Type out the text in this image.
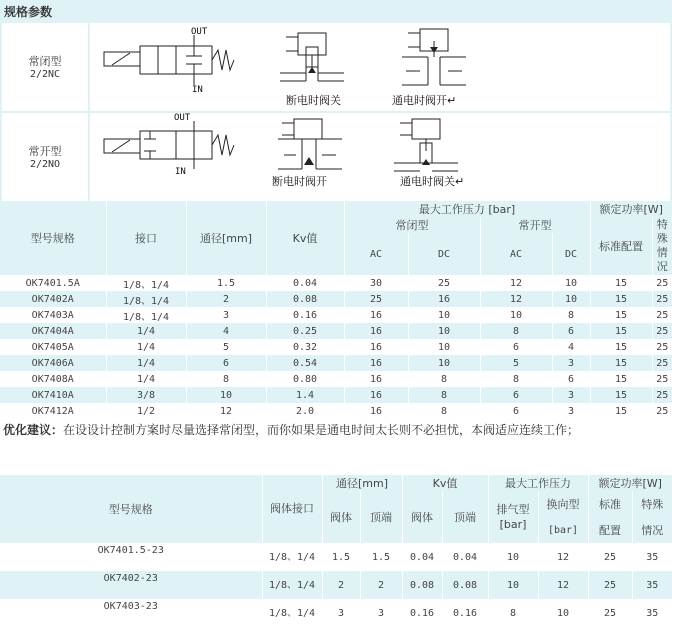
规格参数
常闭型
2/2NC
OUT
IN
断电时阀关	通电时阀开↵
常开型
2/2NO
OUT
IN
断电时阀开	通电时阀关↵
型号规格	接口	通径[mm]	Kv值	最大工作压力 [bar]				额定功率[W]	
				常闭型		常开型		标准配置	特殊情况
				AC	DC	AC	DC		
OK7401.5A	1/8、1/4	1.5	0.04	30	25	12	10	15	25
OK7402A	1/8、1/4	2	0.08	25	16	12	10	15	25
OK7403A	1/8、1/4	3	0.16	16	10	10	8	15	25
OK7404A	1/4	4	0.25	16	10	8	6	15	25
OK7405A	1/4	5	0.32	16	10	6	4	15	25
OK7406A	1/4	6	0.54	16	10	5	3	15	25
OK7408A	1/4	8	0.80	16	8	8	6	15	25
OK7410A	3/8	10	1.4	16	8	6	3	15	25
OK7412A	1/2	12	2.0	16	8	6	3	15	25
优化建议：在设设计控制方案时尽量选择常闭型，而你如果是通电时间太长则不必担忧，本阀适应连续工作；
型号规格	阀体接口	通径[mm]		Kv值		最大工作压力		额定功率[W]	
		阀体	顶端	阀体	顶端	排气型 [bar]	换向型	标准	特殊
							[bar]	配置	情况
OK7401.5-23	1/8、1/4	1.5	1.5	0.04	0.04	10	12	25	35
OK7402-23	1/8、1/4	2	2	0.08	0.08	10	12	25	35
OK7403-23	1/8、1/4	3	3	0.16	0.16	8	10	25	35
